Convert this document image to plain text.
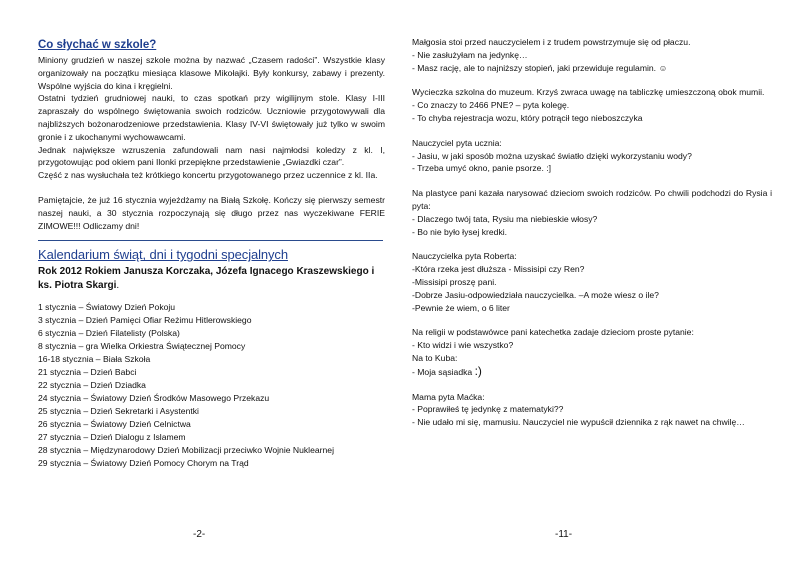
Co słychać w szkole?

Miniony grudzień w naszej szkole można by nazwać „Czasem radości”. Wszystkie klasy organizowały na początku miesiąca klasowe Mikołajki. Były konkursy, zabawy i prezenty. Wspólne wyjścia do kina i kręgielni.

Ostatni tydzień grudniowej nauki, to czas spotkań przy wigilijnym stole. Klasy I-III zapraszały do wspólnego świętowania swoich rodziców. Uczniowie przygotowywali dla najbliższych bożonarodzeniowe przedstawienia. Klasy IV-VI świętowały już tylko w swoim gronie i z ukochanymi wychowawcami.

Jednak największe wzruszenia zafundowali nam nasi najmłodsi koledzy z kl. I, przygotowując pod okiem pani Ilonki przepiękne przedstawienie „Gwiazdki czar”.

Część z nas wysłuchała też krótkiego koncertu przygotowanego przez uczennice z kl. IIa.

Pamiętajcie, że już 16 stycznia wyjeżdżamy na Białą Szkołę. Kończy się pierwszy semestr naszej nauki, a 30 stycznia rozpoczynają się długo przez nas wyczekiwane FERIE ZIMOWE!!! Odliczamy dni!

Kalendarium świąt, dni i tygodni specjalnych
Rok 2012 Rokiem Janusza Korczaka, Józefa Ignacego Kraszewskiego i ks. Piotra Skargi.

1 stycznia – Światowy Dzień Pokoju

3 stycznia – Dzień Pamięci Ofiar Reżimu Hitlerowskiego

6 stycznia – Dzień Filatelisty (Polska)

8 stycznia – gra Wielka Orkiestra Świątecznej Pomocy

16-18 stycznia – Biała Szkoła

21 stycznia – Dzień Babci

22 stycznia – Dzień Dziadka

24 stycznia – Światowy Dzień Środków Masowego Przekazu

25 stycznia – Dzień Sekretarki i Asystentki

26 stycznia – Światowy Dzień Celnictwa

27 stycznia – Dzień Dialogu z Islamem

28 stycznia – Międzynarodowy Dzień Mobilizacji przeciwko Wojnie Nuklearnej

29 stycznia – Światowy Dzień Pomocy Chorym na Trąd

-2-

Małgosia stoi przed nauczycielem i z trudem powstrzymuje się od płaczu.

- Nie zasłużyłam na jedynkę…

- Masz rację, ale to najniższy stopień, jaki przewiduje regulamin. ☺

Wycieczka szkolna do muzeum. Krzyś zwraca uwagę na tabliczkę umieszczoną obok mumii.

- Co znaczy to 2466 PNE? – pyta kolegę.

- To chyba rejestracja wozu, który potrącił tego nieboszczyka

Nauczyciel pyta ucznia:

- Jasiu, w jaki sposób można uzyskać światło dzięki wykorzystaniu wody?

- Trzeba umyć okno, panie psorze. :]

Na plastyce pani kazała narysować dzieciom swoich rodziców. Po chwili podchodzi do Rysia i pyta:

- Dlaczego twój tata, Rysiu ma niebieskie włosy?

- Bo nie było łysej kredki.

Nauczycielka pyta Roberta:

-Która rzeka jest dłuższa - Missisipi czy Ren?

-Missisipi proszę pani.

-Dobrze Jasiu-odpowiedziała nauczycielka. –A może wiesz o ile?

-Pewnie że wiem, o 6 liter

Na religii w podstawówce pani katechetka zadaje dzieciom proste pytanie:

- Kto widzi i wie wszystko?

Na to Kuba:

- Moja sąsiadka :)

Mama pyta Maćka:

- Poprawiłeś tę jedynkę z matematyki??

- Nie udało mi się, mamusiu. Nauczyciel nie wypuścił dziennika z rąk nawet na chwilę…

-11-
